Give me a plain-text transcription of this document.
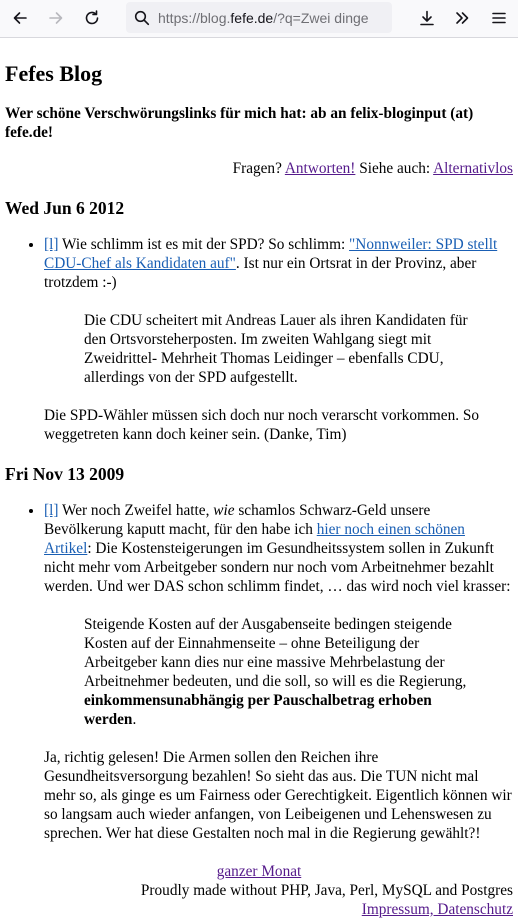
https://blog. fefe.de /?q=Zwei dinge
Fefes Blog
Wer schöne Verschwörungslinks für mich hat: ab an felix-bloginput (at) fefe.de!
Fragen? Antworten! Siehe auch: Alternativlos
Wed Jun 6 2012

• [l] Wie schlimm ist es mit der SPD? So schlimm: "Nonnweiler: SPD stellt CDU-Chef als Kandidaten auf". Ist nur ein Ortsrat in der Provinz, aber trotzdem :-)

Die CDU scheitert mit Andreas Lauer als ihren Kandidaten für den Ortsvorsteherposten. Im zweiten Wahlgang siegt mit Zweidrittel- Mehrheit Thomas Leidinger – ebenfalls CDU, allerdings von der SPD aufgestellt.

Die SPD-Wähler müssen sich doch nur noch verarscht vorkommen. So weggetreten kann doch keiner sein. (Danke, Tim)

Fri Nov 13 2009

• [l] Wer noch Zweifel hatte, wie schamlos Schwarz-Geld unsere Bevölkerung kaputt macht, für den habe ich hier noch einen schönen Artikel: Die Kostensteigerungen im Gesundheitssystem sollen in Zukunft nicht mehr vom Arbeitgeber sondern nur noch vom Arbeitnehmer bezahlt werden. Und wer DAS schon schlimm findet, … das wird noch viel krasser:

Steigende Kosten auf der Ausgabenseite bedingen steigende Kosten auf der Einnahmenseite – ohne Beteiligung der Arbeitgeber kann dies nur eine massive Mehrbelastung der Arbeitnehmer bedeuten, und die soll, so will es die Regierung, einkommensunabhängig per Pauschalbetrag erhoben werden.

Ja, richtig gelesen! Die Armen sollen den Reichen ihre Gesundheitsversorgung bezahlen! So sieht das aus. Die TUN nicht mal mehr so, als ginge es um Fairness oder Gerechtigkeit. Eigentlich können wir so langsam auch wieder anfangen, von Leibeigenen und Lehenswesen zu sprechen. Wer hat diese Gestalten noch mal in die Regierung gewählt?!

ganzer Monat
Proudly made without PHP, Java, Perl, MySQL and Postgres
Impressum, Datenschutz
